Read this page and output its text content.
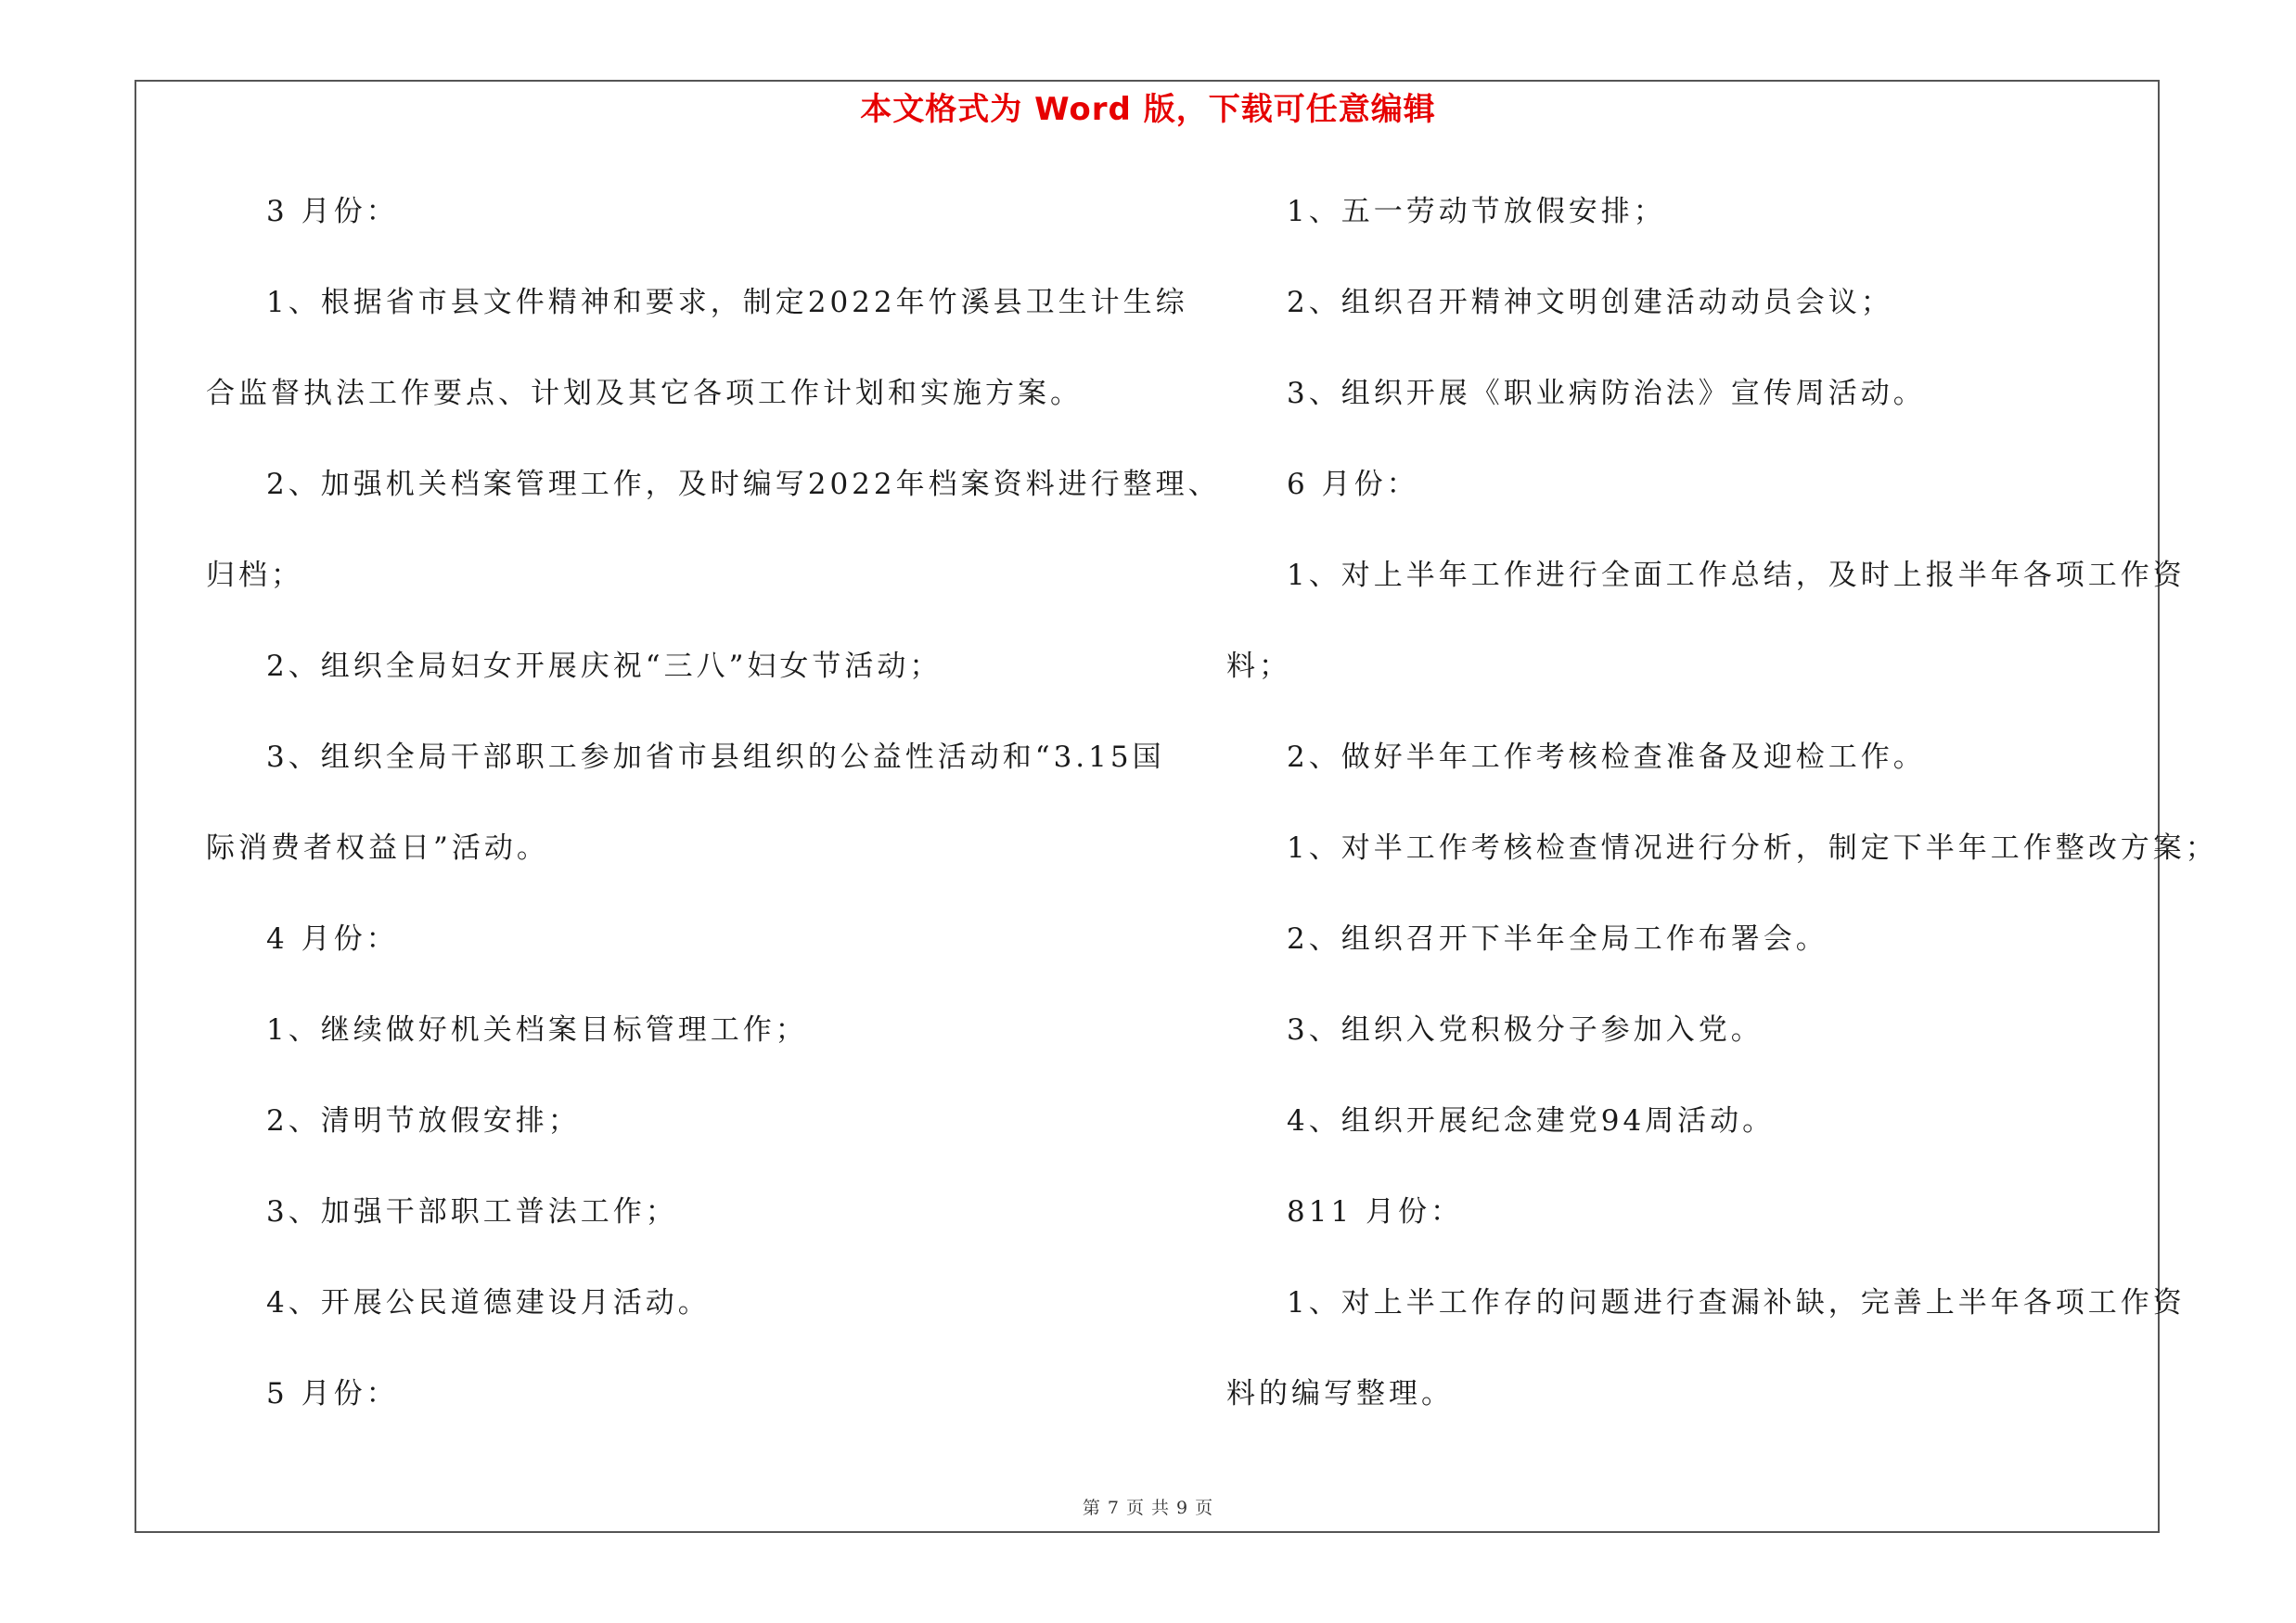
本文格式为 Word 版，下载可任意编辑
3 月份：
1、根据省市县文件精神和要求，制定2022年竹溪县卫生计生综
合监督执法工作要点、计划及其它各项工作计划和实施方案。
2、加强机关档案管理工作，及时编写2022年档案资料进行整理、
归档；
2、组织全局妇女开展庆祝“三八”妇女节活动；
3、组织全局干部职工参加省市县组织的公益性活动和“3.15国
际消费者权益日”活动。
4 月份：
1、继续做好机关档案目标管理工作；
2、清明节放假安排；
3、加强干部职工普法工作；
4、开展公民道德建设月活动。
5 月份：
1、五一劳动节放假安排；
2、组织召开精神文明创建活动动员会议；
3、组织开展《职业病防治法》宣传周活动。
6 月份：
1、对上半年工作进行全面工作总结，及时上报半年各项工作资
料；
2、做好半年工作考核检查准备及迎检工作。
1、对半工作考核检查情况进行分析，制定下半年工作整改方案；
2、组织召开下半年全局工作布署会。
3、组织入党积极分子参加入党。
4、组织开展纪念建党94周活动。
811 月份：
1、对上半工作存的问题进行查漏补缺，完善上半年各项工作资
料的编写整理。
第 7 页 共 9 页
